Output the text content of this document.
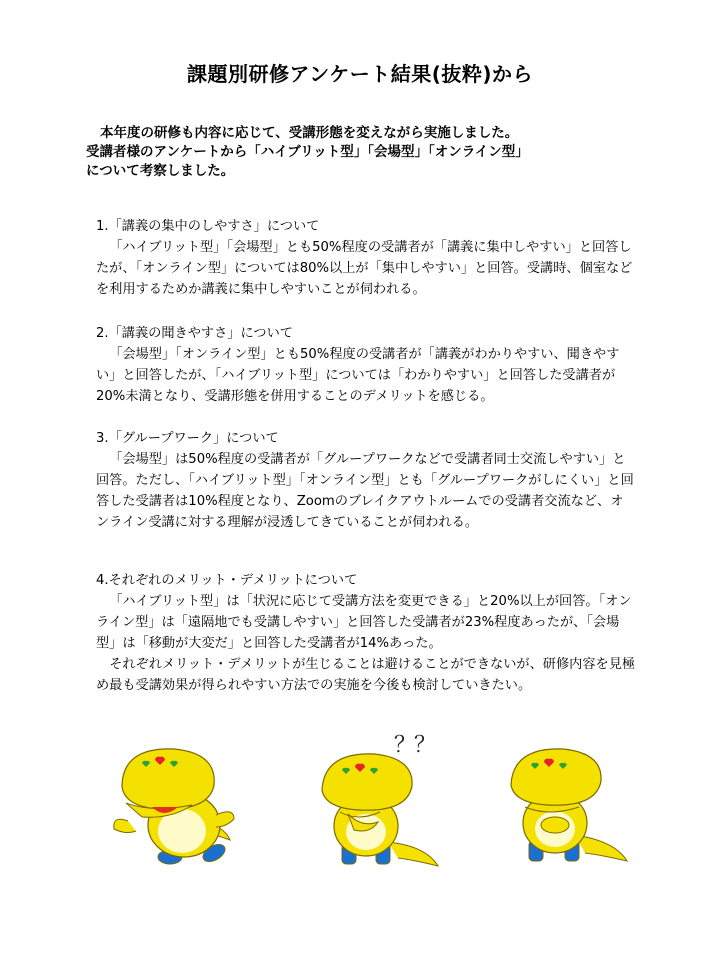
課題別研修アンケート結果(抜粋)から
本年度の研修も内容に応じて、受講形態を変えながら実施しました。
受講者様のアンケートから「ハイブリット型」「会場型」「オンライン型」
について考察しました。
1.「講義の集中のしやすさ」について
「ハイブリット型」「会場型」とも50%程度の受講者が「講義に集中しやすい」と回答したが、「オンライン型」については80%以上が「集中しやすい」と回答。受講時、個室などを利用するためか講義に集中しやすいことが伺われる。
2.「講義の聞きやすさ」について
「会場型」「オンライン型」とも50%程度の受講者が「講義がわかりやすい、聞きやすい」と回答したが、「ハイブリット型」については「わかりやすい」と回答した受講者が20%未満となり、受講形態を併用することのデメリットを感じる。
3.「グループワーク」について
「会場型」は50%程度の受講者が「グループワークなどで受講者同士交流しやすい」と回答。ただし、「ハイブリット型」「オンライン型」とも「グループワークがしにくい」と回答した受講者は10%程度となり、Zoomのブレイクアウトルームでの受講者交流など、オンライン受講に対する理解が浸透してきていることが伺われる。
4.それぞれのメリット・デメリットについて
「ハイブリット型」は「状況に応じて受講方法を変更できる」と20%以上が回答。「オンライン型」は「遠隔地でも受講しやすい」と回答した受講者が23%程度あったが、「会場型」は「移動が大変だ」と回答した受講者が14%あった。
それぞれメリット・デメリットが生じることは避けることができないが、研修内容を見極め最も受講効果が得られやすい方法での実施を今後も検討していきたい。
？？
